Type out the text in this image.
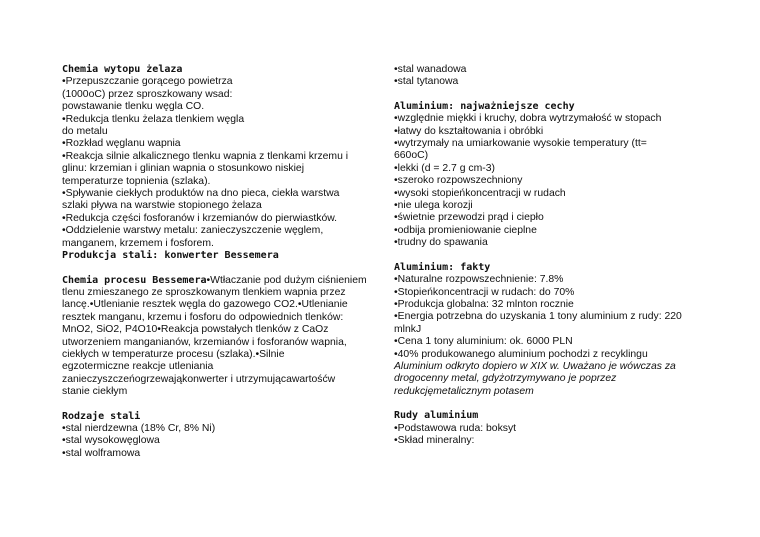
Chemia wytopu żelaza
•Przepuszczanie gorącego powietrza
(1000oC) przez sproszkowany wsad:
powstawanie tlenku węgla CO.
•Redukcja tlenku żelaza tlenkiem węgla
do metalu
•Rozkład węglanu wapnia
•Reakcja silnie alkalicznego tlenku wapnia z tlenkami krzemu i
glinu: krzemian i glinian wapnia o stosunkowo niskiej
temperaturze topnienia (szlaka).
•Spływanie ciekłych produktów na dno pieca, ciekła warstwa
szlaki pływa na warstwie stopionego żelaza
•Redukcja części fosforanów i krzemianów do pierwiastków.
•Oddzielenie warstwy metalu: zanieczyszczenie węglem,
manganem, krzemem i fosforem.
Produkcja stali: konwerter Bessemera
Chemia procesu Bessemera•Wtłaczanie pod dużym ciśnieniem
tlenu zmieszanego ze sproszkowanym tlenkiem wapnia przez
lancę.•Utlenianie resztek węgla do gazowego CO2.•Utlenianie
resztek manganu, krzemu i fosforu do odpowiednich tlenków:
MnO2, SiO2, P4O10•Reakcja powstałych tlenków z CaOz
utworzeniem manganianów, krzemianów i fosforanów wapnia,
ciekłych w temperaturze procesu (szlaka).•Silnie
egzotermiczne reakcje utleniania
zanieczyszczeńogrzewająkonwerter i utrzymującawartośćw
stanie ciekłym
Rodzaje stali
•stal nierdzewna (18% Cr, 8% Ni)
•stal wysokowęglowa
•stal wolframowa
•stal wanadowa
•stal tytanowa
Aluminium: najważniejsze cechy
•względnie miękki i kruchy, dobra wytrzymałość w stopach
•łatwy do kształtowania i obróbki
•wytrzymały na umiarkowanie wysokie temperatury (tt=
660oC)
•lekki (d = 2.7 g cm-3)
•szeroko rozpowszechniony
•wysoki stopieńkoncentracji w rudach
•nie ulega korozji
•świetnie przewodzi prąd i ciepło
•odbija promieniowanie cieplne
•trudny do spawania
Aluminium: fakty
•Naturalne rozpowszechnienie: 7.8%
•Stopieńkoncentracji w rudach: do 70%
•Produkcja globalna: 32 mlnton rocznie
•Energia potrzebna do uzyskania 1 tony aluminium z rudy: 220
mlnkJ
•Cena 1 tony aluminium: ok. 6000 PLN
•40% produkowanego aluminium pochodzi z recyklingu
Aluminium odkryto dopiero w XIX w. Uważano je wówczas za
drogocenny metal, gdyżotrzymywano je poprzez
redukcjęmetalicznym potasem
Rudy aluminium
•Podstawowa ruda: boksyt
•Skład mineralny:
